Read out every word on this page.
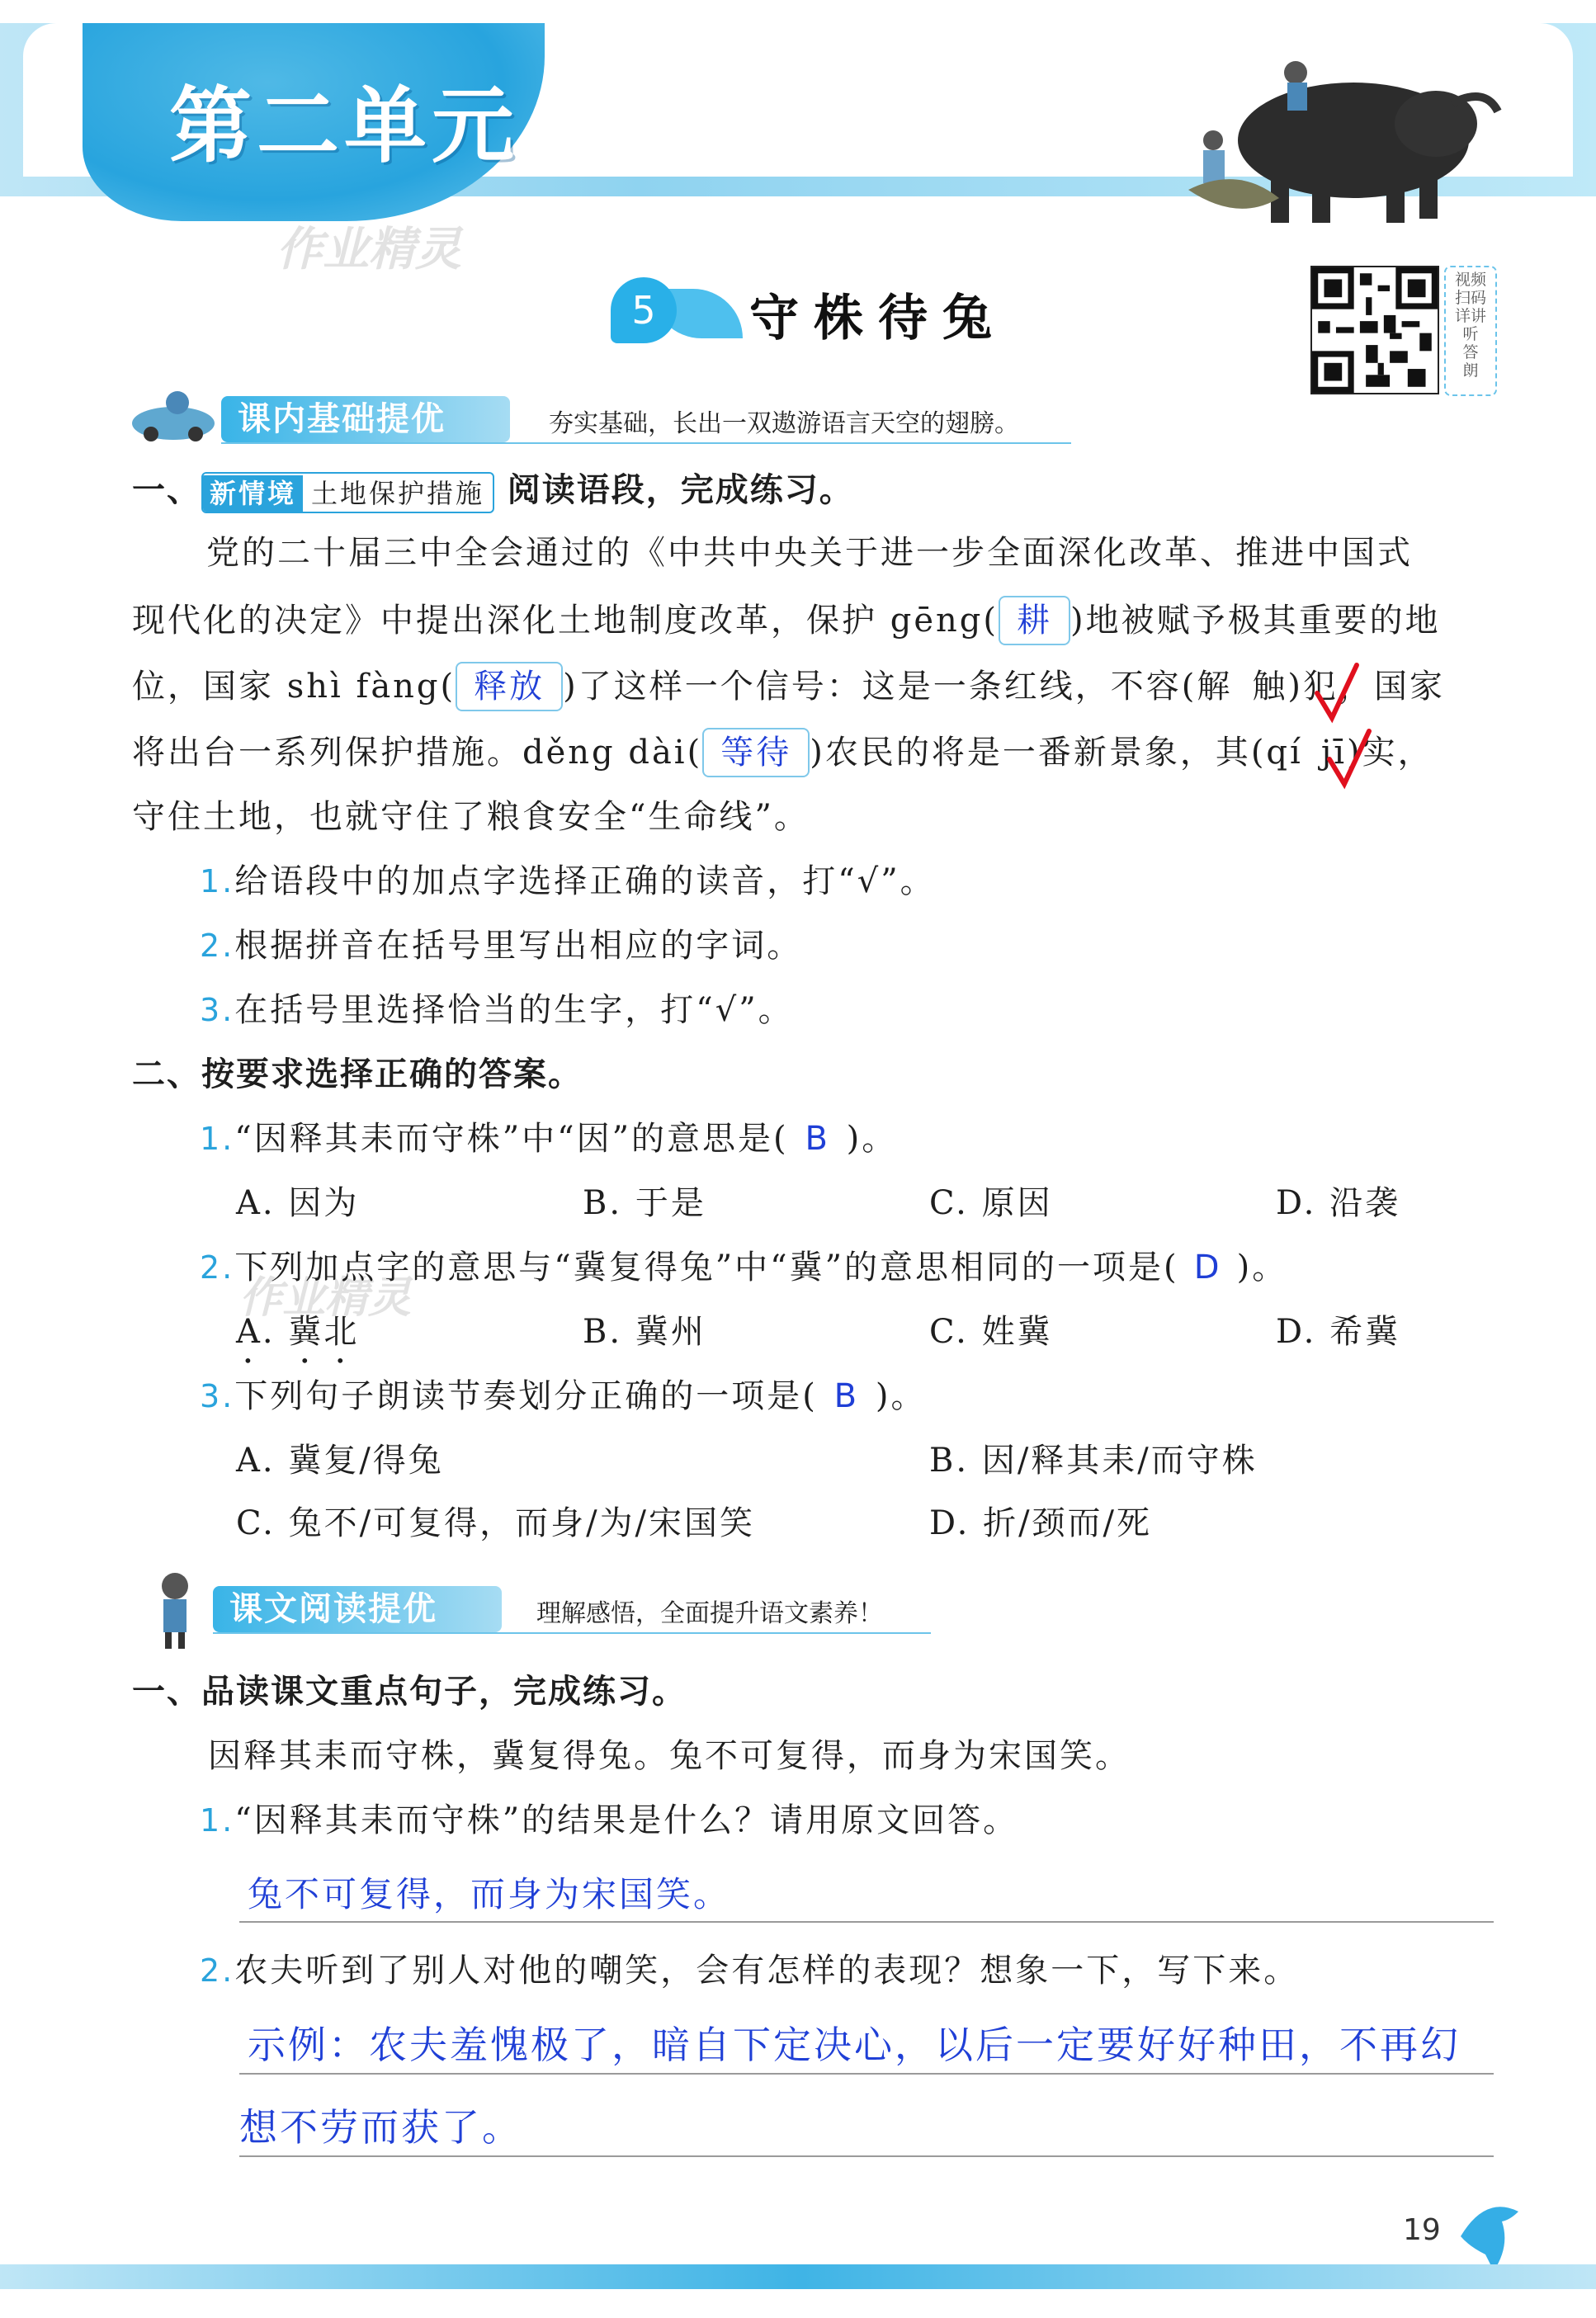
第二单元
作业精灵
5	守株待兔
视频
扫码
详讲
听
答
朗
课内基础提优	夯实基础，长出一双遨游语言天空的翅膀。
一、 新情境 土地保护措施 阅读语段，完成练习。
党的二十届三中全会通过的《中共中央关于进一步全面深化改革、推进中国式
现代化的决定》中提出深化土地制度改革，保护 gēng( 耕 )地被赋予极其重要的地
位，国家 shì fàng( 释放 )了这样一个信号：这是一条红线，不容(解 触)犯，国家
将出台一系列保护措施。děng dài( 等待 )农民的将是一番新景象，其(qí jī)实，
守住土地，也就守住了粮食安全“生命线”。
1.给语段中的加点字选择正确的读音，打“√”。
2.根据拼音在括号里写出相应的字词。
3.在括号里选择恰当的生字，打“√”。
二、按要求选择正确的答案。
1.“因释其耒而守株”中“因”的意思是( B )。
A. 因为	B. 于是	C. 原因	D. 沿袭
作业精灵
2.下列加点字的意思与“冀复得兔”中“冀”的意思相同的一项是( D )。
A. 冀北	B. 冀州	C. 姓冀	D. 希冀
3.下列句子朗读节奏划分正确的一项是( B )。
A. 冀复/得兔	B. 因/释其耒/而守株
C. 兔不/可复得，而身/为/宋国笑	D. 折/颈而/死
课文阅读提优	理解感悟，全面提升语文素养！
一、品读课文重点句子，完成练习。
因释其耒而守株，冀复得兔。兔不可复得，而身为宋国笑。
1.“因释其耒而守株”的结果是什么？请用原文回答。
兔不可复得，而身为宋国笑。
2.农夫听到了别人对他的嘲笑，会有怎样的表现？想象一下，写下来。
示例：农夫羞愧极了，暗自下定决心，以后一定要好好种田，不再幻
想不劳而获了。
19
